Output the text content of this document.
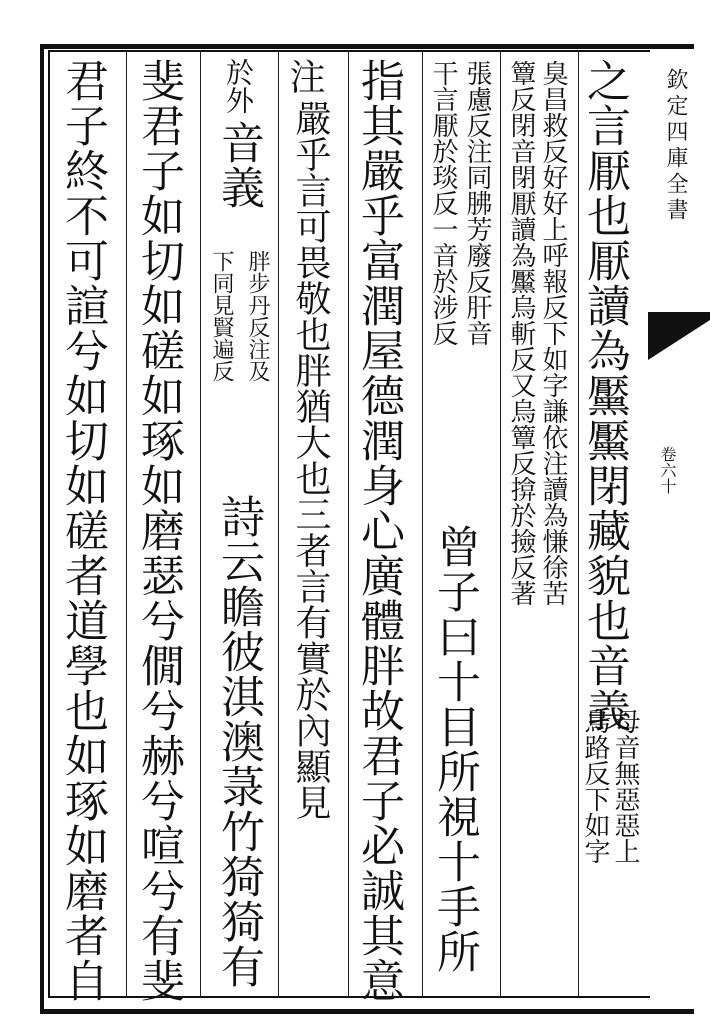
欽定四庫全書
卷六十
之言厭也厭讀為黶黶閉藏貌也音義
母音無惡惡上
烏路反下如字
臭昌救反好好上呼報反下如字謙依注讀為慊徐苦
簟反閉音閉厭讀為黶烏斬反又烏簟反揜於撿反著
張慮反注同胇芳廢反肝音
干言厭於琰反一音於涉反
曾子曰十目所視十手所
指其嚴乎富潤屋德潤身心廣體胖故君子必誠其意
注
嚴乎言可畏敬也胖猶大也三者言有實於內顯見
於外
音義
胖步丹反注及
下同見賢遍反
詩云瞻彼淇澳菉竹猗猗有
斐君子如切如磋如琢如磨瑟兮僩兮赫兮喧兮有斐
君子終不可諠兮如切如磋者道學也如琢如磨者自
